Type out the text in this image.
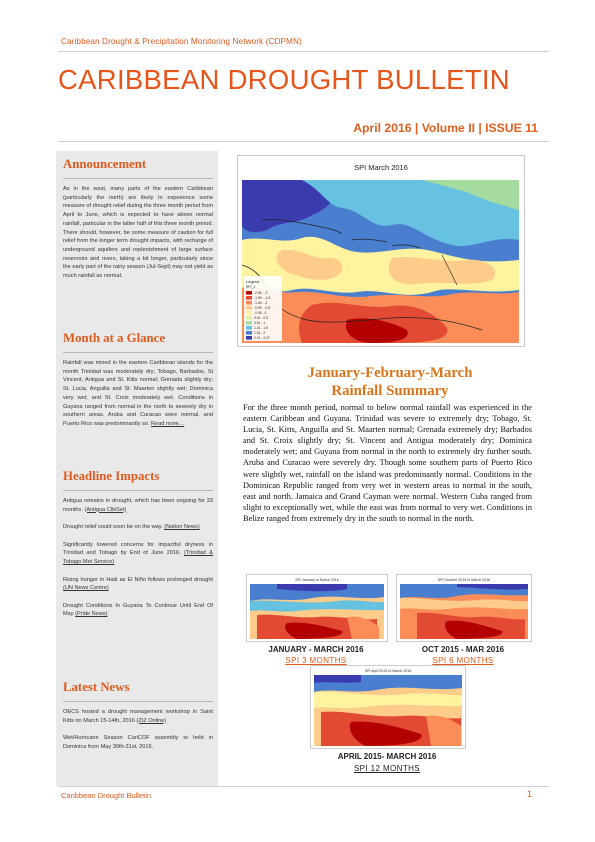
Caribbean Drought & Precipitation Monitoring Network (CDPMN)
CARIBBEAN DROUGHT BULLETIN
April 2016 | Volume II | ISSUE 11
Announcement

As in the west, many parts of the eastern Caribbean (particularly the north) are likely to experience some measure of drought relief during the three month period from April to June, which is expected to have above normal rainfall, particular in the latter half of this three month period. There should, however, be some measure of caution for full relief from the longer term drought impacts, with recharge of underground aquifers and replenishment of large surface reservoirs and rivers, taking a bit longer, particularly since the early part of the rainy season (Jul-Sept) may not yield as much rainfall as normal.

Month at a Glance

Rainfall was mixed in the eastern Caribbean islands for the month Trinidad was moderately dry; Tobago, Barbados, St Vincent, Antigua and St. Kitts normal; Grenada slightly dry; St. Lucia, Anguilla and St. Maarten slightly wet; Dominica very wet; and St. Croix moderately wet. Conditions in Guyana ranged from normal in the north to severely dry in southern areas. Aruba and Curacao were normal, and Puerto Rico was predominantly so. Read more…

Headline Impacts

Antigua remains in drought, which has been ongoing for 33 months. (Antigua ClikSet)

Drought relief could soon be on the way. (Nation News)

Significantly lowered concerns for impactful dryness in Trinidad and Tobago by End of June 2016. (Trinidad & Tobago Met Service)

Rising hunger in Haiti as El Niño follows prolonged drought (UN News Centre)

Drought Conditions In Guyana To Continue Until End Of May (Pride News)

Latest News

OECS hosted a drought management workshop in Saint Kitts on March 15-14th, 2016 (ZIZ Online)

Wet/Hurricane Season CariCOF assembly to held in Dominica from May 30th-31st, 2016.

SPI March 2016
Legend
SPI_1
-2.06 - -2
-1.99 - -1.5
-1.49 - -1
-0.99 - -0.5
-0.49 - 0
0.01 - 0.5
0.51 - 1
1.01 - 1.5
1.51 - 2
2.01 - 2.27
January-February-March
Rainfall Summary
For the three month period, normal to below normal rainfall was experienced in the eastern Caribbean and Guyana. Trinidad was severe to extremely dry; Tobago, St. Lucia, St. Kitts, Anguilla and St. Maarten normal; Grenada extremely dry; Barbados and St. Croix slightly dry; St. Vincent and Antigua moderately dry; Dominica moderately wet; and Guyana from normal in the north to extremely dry further south. Aruba and Curacao were severely dry. Though some southern parts of Puerto Rico were slightly wet, rainfall on the island was predominantly normal. Conditions in the Dominican Republic ranged from very wet in western areas to normal in the south, east and north. Jamaica and Grand Cayman were normal. Western Cuba ranged from slight to exceptionally wet, while the east was from normal to very wet. Conditions in Belize ranged from extremely dry in the south to normal in the north.
SPI January to March 2016
JANUARY - MARCH 2016
SPI 3 MONTHS
SPI October 2015 to March 2016
OCT 2015 - MAR 2016
SPI 6 MONTHS
SPI April 2015 to March 2016
APRIL 2015- MARCH 2016
SPI 12 MONTHS
Caribbean Drought Bulletin	1
